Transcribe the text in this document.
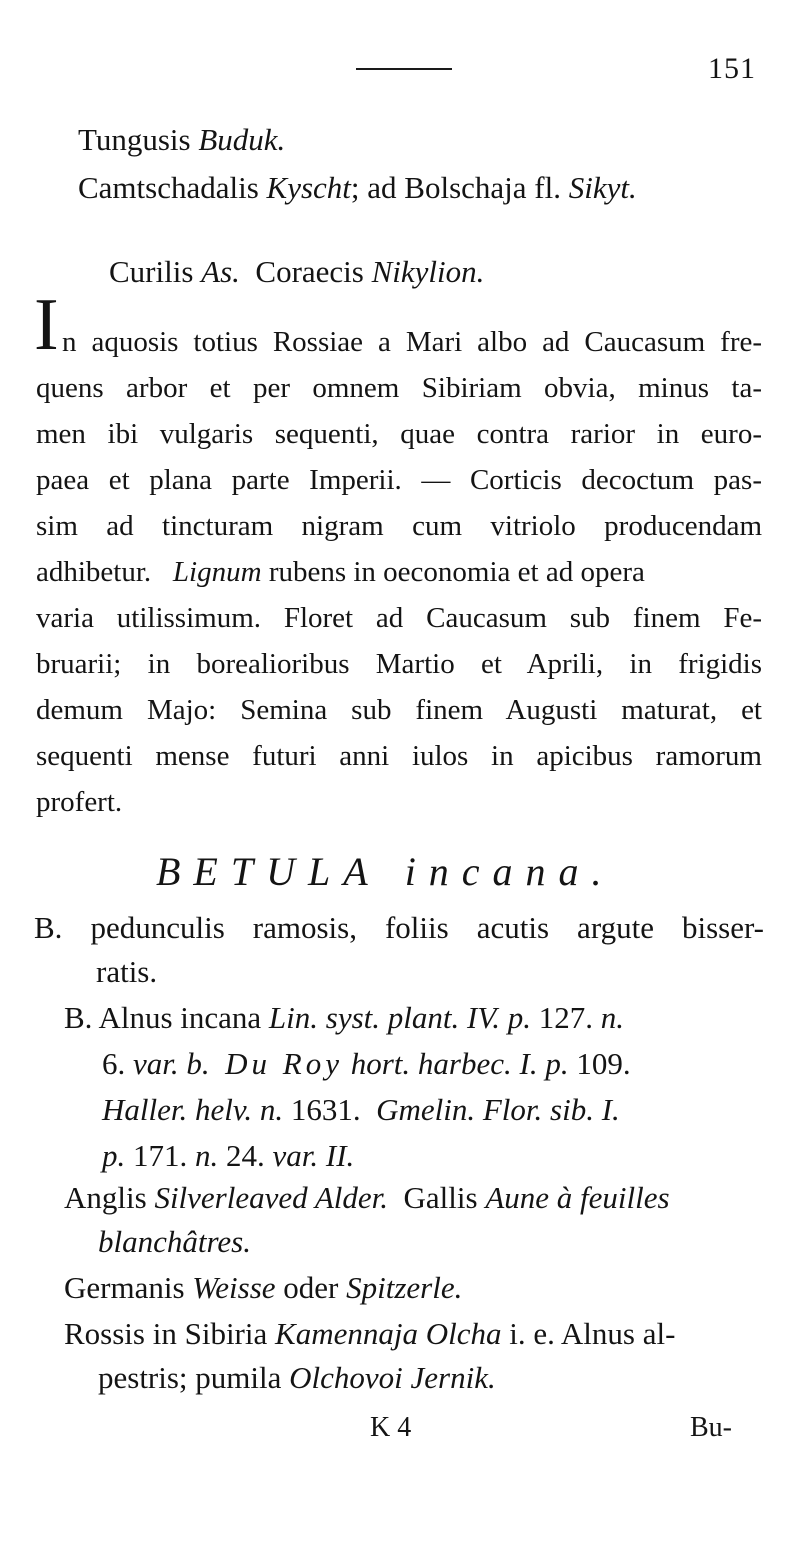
151
Tungusis Buduk.
Camtschadalis Kyscht; ad Bolschaja fl. Sikyt.

Curilis As.  Coraecis Nikylion.

I n aquosis totius Rossiae a Mari albo ad Caucasum fre-
quens arbor et per omnem Sibiriam obvia, minus ta-
men ibi vulgaris sequenti, quae contra rarior in euro-
paea et plana parte Imperii. — Corticis decoctum pas-
sim ad tincturam nigram cum vitriolo producendam
adhibetur. Lignum rubens in oeconomia et ad opera
varia utilissimum. Floret ad Caucasum sub finem Fe-
bruarii; in borealioribus Martio et Aprili, in frigidis
demum Majo: Semina sub finem Augusti maturat, et
sequenti mense futuri anni iulos in apicibus ramorum
profert.
BETULA incana.
B. pedunculis ramosis, foliis acutis argute bisser-
ratis.
B. Alnus incana Lin. syst. plant. IV. p. 127. n.
6. var. b. Du Roy hort. harbec. I. p. 109.
Haller. helv. n. 1631.  Gmelin. Flor. sib. I.
p. 171. n. 24. var. II.
Anglis Silverleaved Alder.  Gallis Aune à feuilles
blanchâtres.
Germanis Weisse oder Spitzerle.
Rossis in Sibiria Kamennaja Olcha i. e. Alnus al-
pestris; pumila Olchovoi Jernik.
K 4	Bu-
